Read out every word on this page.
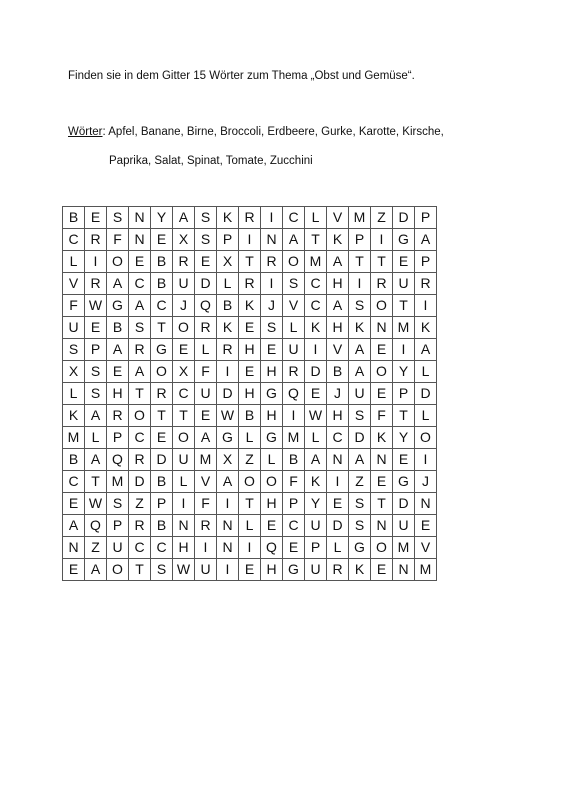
Finden sie in dem Gitter 15 Wörter zum Thema „Obst und Gemüse“.
Wörter: Apfel, Banane, Birne, Broccoli, Erdbeere, Gurke, Karotte, Kirsche,
Paprika, Salat, Spinat, Tomate, Zucchini
B	E	S	N	Y	A	S	K	R	I	C	L	V	M	Z	D	P
C	R	F	N	E	X	S	P	I	N	A	T	K	P	I	G	A
L	I	O	E	B	R	E	X	T	R	O	M	A	T	T	E	P
V	R	A	C	B	U	D	L	R	I	S	C	H	I	R	U	R
F	W	G	A	C	J	Q	B	K	J	V	C	A	S	O	T	I
U	E	B	S	T	O	R	K	E	S	L	K	H	K	N	M	K
S	P	A	R	G	E	L	R	H	E	U	I	V	A	E	I	A
X	S	E	A	O	X	F	I	E	H	R	D	B	A	O	Y	L
L	S	H	T	R	C	U	D	H	G	Q	E	J	U	E	P	D
K	A	R	O	T	T	E	W	B	H	I	W	H	S	F	T	L
M	L	P	C	E	O	A	G	L	G	M	L	C	D	K	Y	O
B	A	Q	R	D	U	M	X	Z	L	B	A	N	A	N	E	I
C	T	M	D	B	L	V	A	O	O	F	K	I	Z	E	G	J
E	W	S	Z	P	I	F	I	T	H	P	Y	E	S	T	D	N
A	Q	P	R	B	N	R	N	L	E	C	U	D	S	N	U	E
N	Z	U	C	C	H	I	N	I	Q	E	P	L	G	O	M	V
E	A	O	T	S	W	U	I	E	H	G	U	R	K	E	N	M
